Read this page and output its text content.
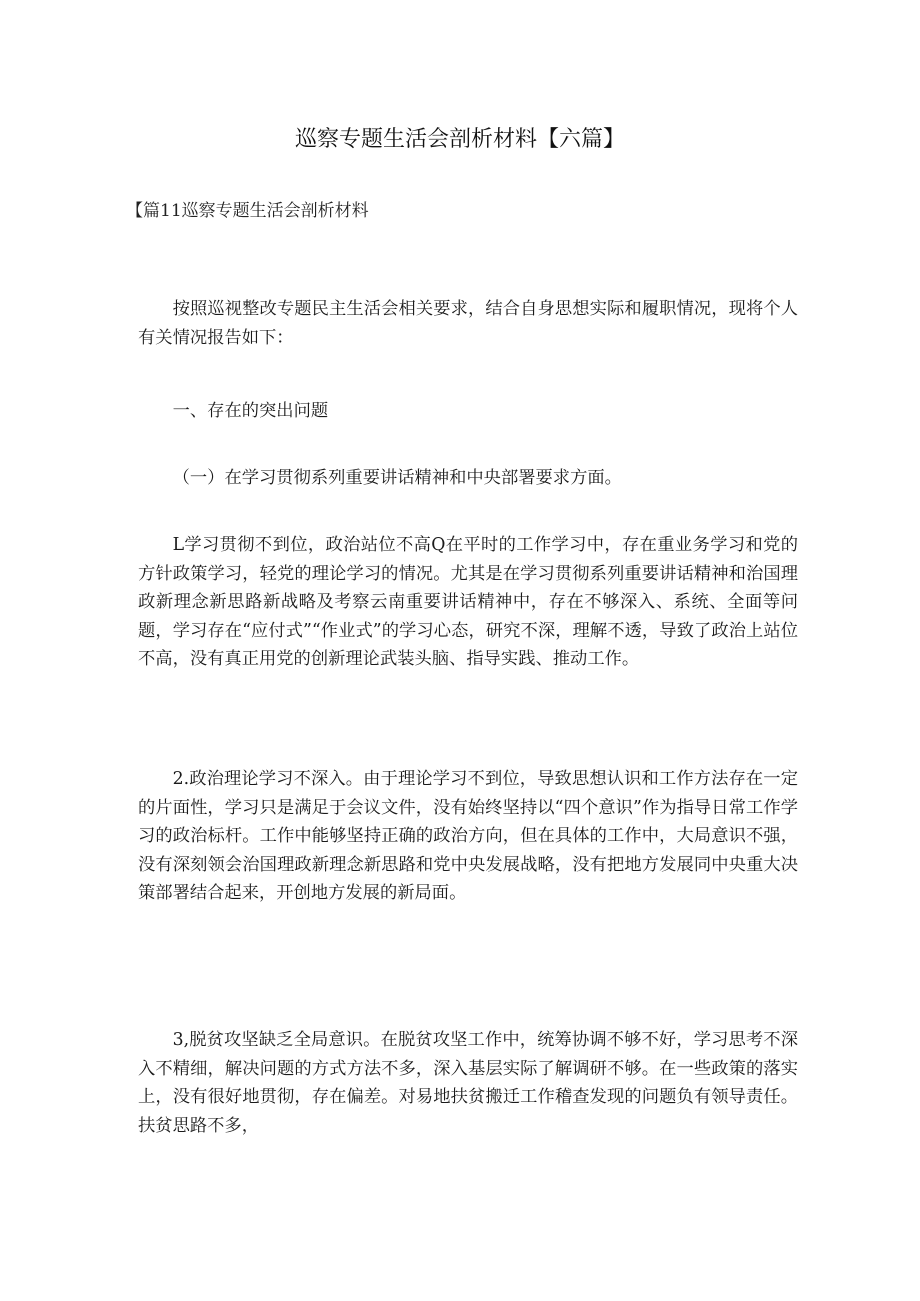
巡察专题生活会剖析材料【六篇】

【篇11巡察专题生活会剖析材料

按照巡视整改专题民主生活会相关要求，结合自身思想实际和履职情况，现将个人有关情况报告如下：

一、存在的突出问题

（一）在学习贯彻系列重要讲话精神和中央部署要求方面。

L学习贯彻不到位，政治站位不高Q在平时的工作学习中，存在重业务学习和党的方针政策学习，轻党的理论学习的情况。尤其是在学习贯彻系列重要讲话精神和治国理政新理念新思路新战略及考察云南重要讲话精神中，存在不够深入、系统、全面等问题，学习存在“应付式”“作业式”的学习心态，研究不深，理解不透，导致了政治上站位不高，没有真正用党的创新理论武装头脑、指导实践、推动工作。

2.政治理论学习不深入。由于理论学习不到位，导致思想认识和工作方法存在一定的片面性，学习只是满足于会议文件，没有始终坚持以“四个意识”作为指导日常工作学习的政治标杆。工作中能够坚持正确的政治方向，但在具体的工作中，大局意识不强，没有深刻领会治国理政新理念新思路和党中央发展战略，没有把地方发展同中央重大决策部署结合起来，开创地方发展的新局面。

3,脱贫攻坚缺乏全局意识。在脱贫攻坚工作中，统筹协调不够不好，学习思考不深入不精细，解决问题的方式方法不多，深入基层实际了解调研不够。在一些政策的落实上，没有很好地贯彻，存在偏差。对易地扶贫搬迁工作稽查发现的问题负有领导责任。扶贫思路不多，
